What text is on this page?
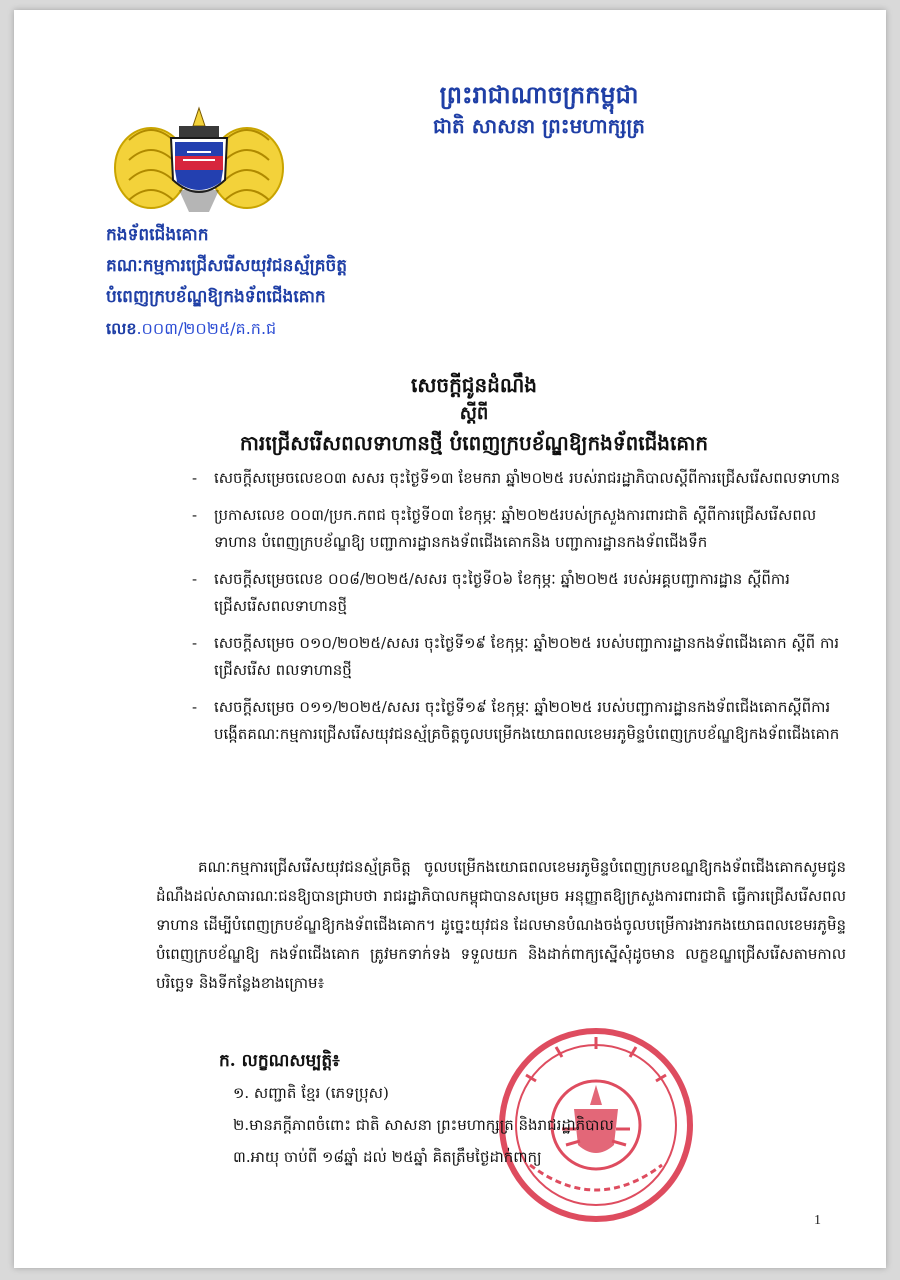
ព្រះរាជាណាចក្រកម្ពុជា
ជាតិ សាសនា ព្រះមហាក្សត្រ
កងទ័ពជើងគោក
គណៈកម្មការជ្រើសរើសយុវជនស្ម័គ្រចិត្ត
បំពេញក្របខ័ណ្ឌឱ្យកងទ័ពជើងគោក
លេខ.០០៣/២០២៥/គ.ក.ជ
សេចក្តីជូនដំណឹង
ស្តីពី
ការជ្រើសរើសពលទាហានថ្មី បំពេញក្របខ័ណ្ឌឱ្យកងទ័ពជើងគោក
- សេចក្តីសម្រេចលេខ០៣ សសរ ចុះថ្ងៃទី១៣ ខែមករា ឆ្នាំ២០២៥ របស់រាជរដ្ឋាភិបាលស្តីពីការជ្រើសរើសពលទាហាន
- ប្រកាសលេខ ០០៣/ប្រក.កពជ ចុះថ្ងៃទី០៣ ខែកុម្ភៈ ឆ្នាំ២០២៥របស់ក្រសួងការពារជាតិ ស្តីពីការជ្រើសរើសពលទាហាន បំពេញក្របខ័ណ្ឌឱ្យ បញ្ជាការដ្ឋានកងទ័ពជើងគោកនិង បញ្ជាការដ្ឋានកងទ័ពជើងទឹក
- សេចក្តីសម្រេចលេខ ០០៨/២០២៥/សសរ ចុះថ្ងៃទី០៦ ខែកុម្ភៈ ឆ្នាំ២០២៥ របស់អគ្គបញ្ជាការដ្ឋាន ស្តីពីការជ្រើសរើសពលទាហានថ្មី
- សេចក្តីសម្រេច ០១០/២០២៥/សសរ ចុះថ្ងៃទី១៩ ខែកុម្ភៈ ឆ្នាំ២០២៥ របស់បញ្ជាការដ្ឋានកងទ័ពជើងគោក ស្តីពី ការជ្រើសរើស ពលទាហានថ្មី
- សេចក្តីសម្រេច ០១១/២០២៥/សសរ ចុះថ្ងៃទី១៩ ខែកុម្ភៈ ឆ្នាំ២០២៥ របស់បញ្ជាការដ្ឋានកងទ័ពជើងគោកស្តីពីការបង្កើតគណៈកម្មការជ្រើសរើសយុវជនស្ម័គ្រចិត្តចូលបម្រើកងយោធពលខេមរភូមិន្ទបំពេញក្របខ័ណ្ឌឱ្យកងទ័ពជើងគោក
គណៈកម្មការជ្រើសរើសយុវជនស្ម័គ្រចិត្ត ចូលបម្រើកងយោធពលខេមរភូមិន្ទបំពេញក្របខណ្ឌឱ្យកងទ័ពជើងគោកសូមជូនដំណឹងដល់សាធារណៈជនឱ្យបានជ្រាបថា រាជរដ្ឋាភិបាលកម្ពុជាបានសម្រេច អនុញ្ញាតឱ្យក្រសួងការពារជាតិ ធ្វើការជ្រើសរើសពលទាហាន ដើម្បីបំពេញក្របខ័ណ្ឌឱ្យកងទ័ពជើងគោក។ ដូច្នេះយុវជន ដែលមានបំណងចង់ចូលបម្រើការងារកងយោធពលខេមរភូមិន្ទបំពេញក្របខ័ណ្ឌឱ្យ កងទ័ពជើងគោក ត្រូវមកទាក់ទង ទទួលយក និងដាក់ពាក្យស្នើសុំដូចមាន លក្ខខណ្ឌជ្រើសរើសតាមកាលបរិច្ឆេទ និងទីកន្លែងខាងក្រោម៖
ក. លក្ខណសម្បត្តិ៖
១. សញ្ជាតិ ខ្មែរ (ភេទប្រុស)
២.មានភក្តីភាពចំពោះ ជាតិ សាសនា ព្រះមហាក្សត្រ និងរាជរដ្ឋាភិបាល
៣.អាយុ ចាប់ពី ១៨ឆ្នាំ ដល់ ២៥ឆ្នាំ គិតត្រឹមថ្ងៃដាក់ពាក្យ
1
